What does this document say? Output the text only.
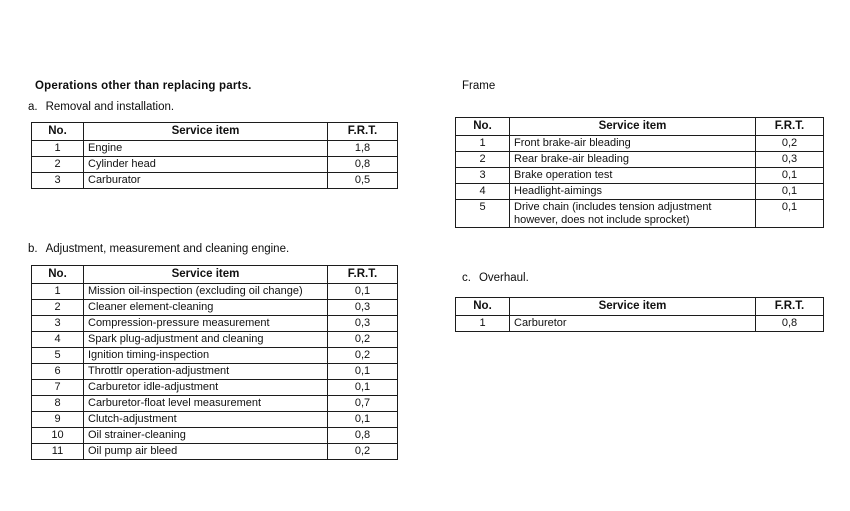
Operations other than replacing parts.
a. Removal and installation.
No.	Service item	F.R.T.
1	Engine	1,8
2	Cylinder head	0,8
3	Carburator	0,5
b. Adjustment, measurement and cleaning engine.
No.	Service item	F.R.T.
1	Mission oil-inspection (excluding oil change)	0,1
2	Cleaner element-cleaning	0,3
3	Compression-pressure measurement	0,3
4	Spark plug-adjustment and cleaning	0,2
5	Ignition timing-inspection	0,2
6	Throttlr operation-adjustment	0,1
7	Carburetor idle-adjustment	0,1
8	Carburetor-float level measurement	0,7
9	Clutch-adjustment	0,1
10	Oil strainer-cleaning	0,8
11	Oil pump air bleed	0,2
Frame
No.	Service item	F.R.T.
1	Front brake-air bleading	0,2
2	Rear brake-air bleading	0,3
3	Brake operation test	0,1
4	Headlight-aimings	0,1
5	Drive chain (includes tension adjustment however, does not include sprocket)	0,1
c. Overhaul.
No.	Service item	F.R.T.
1	Carburetor	0,8
